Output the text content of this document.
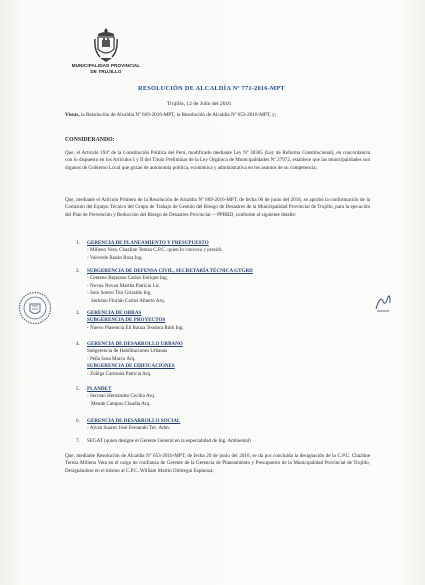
MUNICIPALIDAD PROVINCIAL
DE TRUJILLO
RESOLUCIÓN DE ALCALDÍA Nº 771-2016-MPT
Trujillo, 12 de Julio del 2016
Vistas, la Resolución de Alcaldía Nº 669-2016-MPT, la Resolución de Alcaldía Nº 653-2016-MPT, y;
CONSIDERANDO:
Que, el Artículo 194º de la Constitución Política del Perú, modificado mediante Ley Nº 30305 (Ley de Reforma Constitucional), en concordancia con lo dispuesto en los Artículos I y II del Título Preliminar de la Ley Orgánica de Municipalidades Nº 27972, establece que las municipalidades son órganos de Gobierno Local que gozan de autonomía política, económica y administrativa en los asuntos de su competencia;
Que, mediante el Artículo Primero de la Resolución de Alcaldía Nº 669-2016-MPT, de fecha 06 de junio del 2016, se aprobó la conformación de la Comisión del Equipo Técnico del Grupo de Trabajo de Gestión del Riesgo de Desastres de la Municipalidad Provincial de Trujillo, para la ejecución del Plan de Prevención y Reducción del Riesgo de Desastres Provincial —PPRRD, conforme al siguiente detalle:
1. GERENCIA DE PLANEAMIENTO Y PRESUPUESTO
- Milleno Vera, Chazline Tereza C.P.C. quien lo convoca y presidi.
- Valverde Bazán Rosa Ing.
2. SUBGERENCIA DE DEFENSA CIVIL, SECRETARÍA TÉCNICA GTGRD
- Centeno Bejarano Carlos Enrique Ing.
- Novoa Novoa Martha Patricia Lic.
- Soto Sotero Tito Grisaldo Ing.
Serbano Florián Carlos Alberto Arq.
3. GERENCIA DE OBRAS
SUBGERENCIA DE PROYECTOS
- Nuevo Plasencia Eli Bauza Teodora Ruth Ing.
4. GERENCIA DE DESARROLLO URBANO
Subgerencia de Habilitaciones Urbanas
- Peña Sosa Marco Arq.
SUBGERENCIA DE EDIFICACIONES
- Zúñiga Carmona Patricia Arq.
5. PLANDET
- Serrano Hernández Cecilia Arq.
Mende Campos Claudia Arq.
6. GERENCIA DE DESARROLLO SOCIAL
- Alván Suarez José Fernando Tec. Adm.
7. SEGAT (quien designe el Gerente General en la especialidad de Ing. Ambiental)
Que, mediante Resolución de Alcaldía Nº 653-2016-MPT, de fecha 20 de junio del 2016, se da por concluida la designación de la C.P.C. Chazline Tereza Milleno Vera en el cargo de confianza de Gerente de la Gerencia de Planeamiento y Presupuesto de la Municipalidad Provincial de Trujillo, Designándose en el mismo al C.P.C. William Martín Olórtegui Espinoza;
